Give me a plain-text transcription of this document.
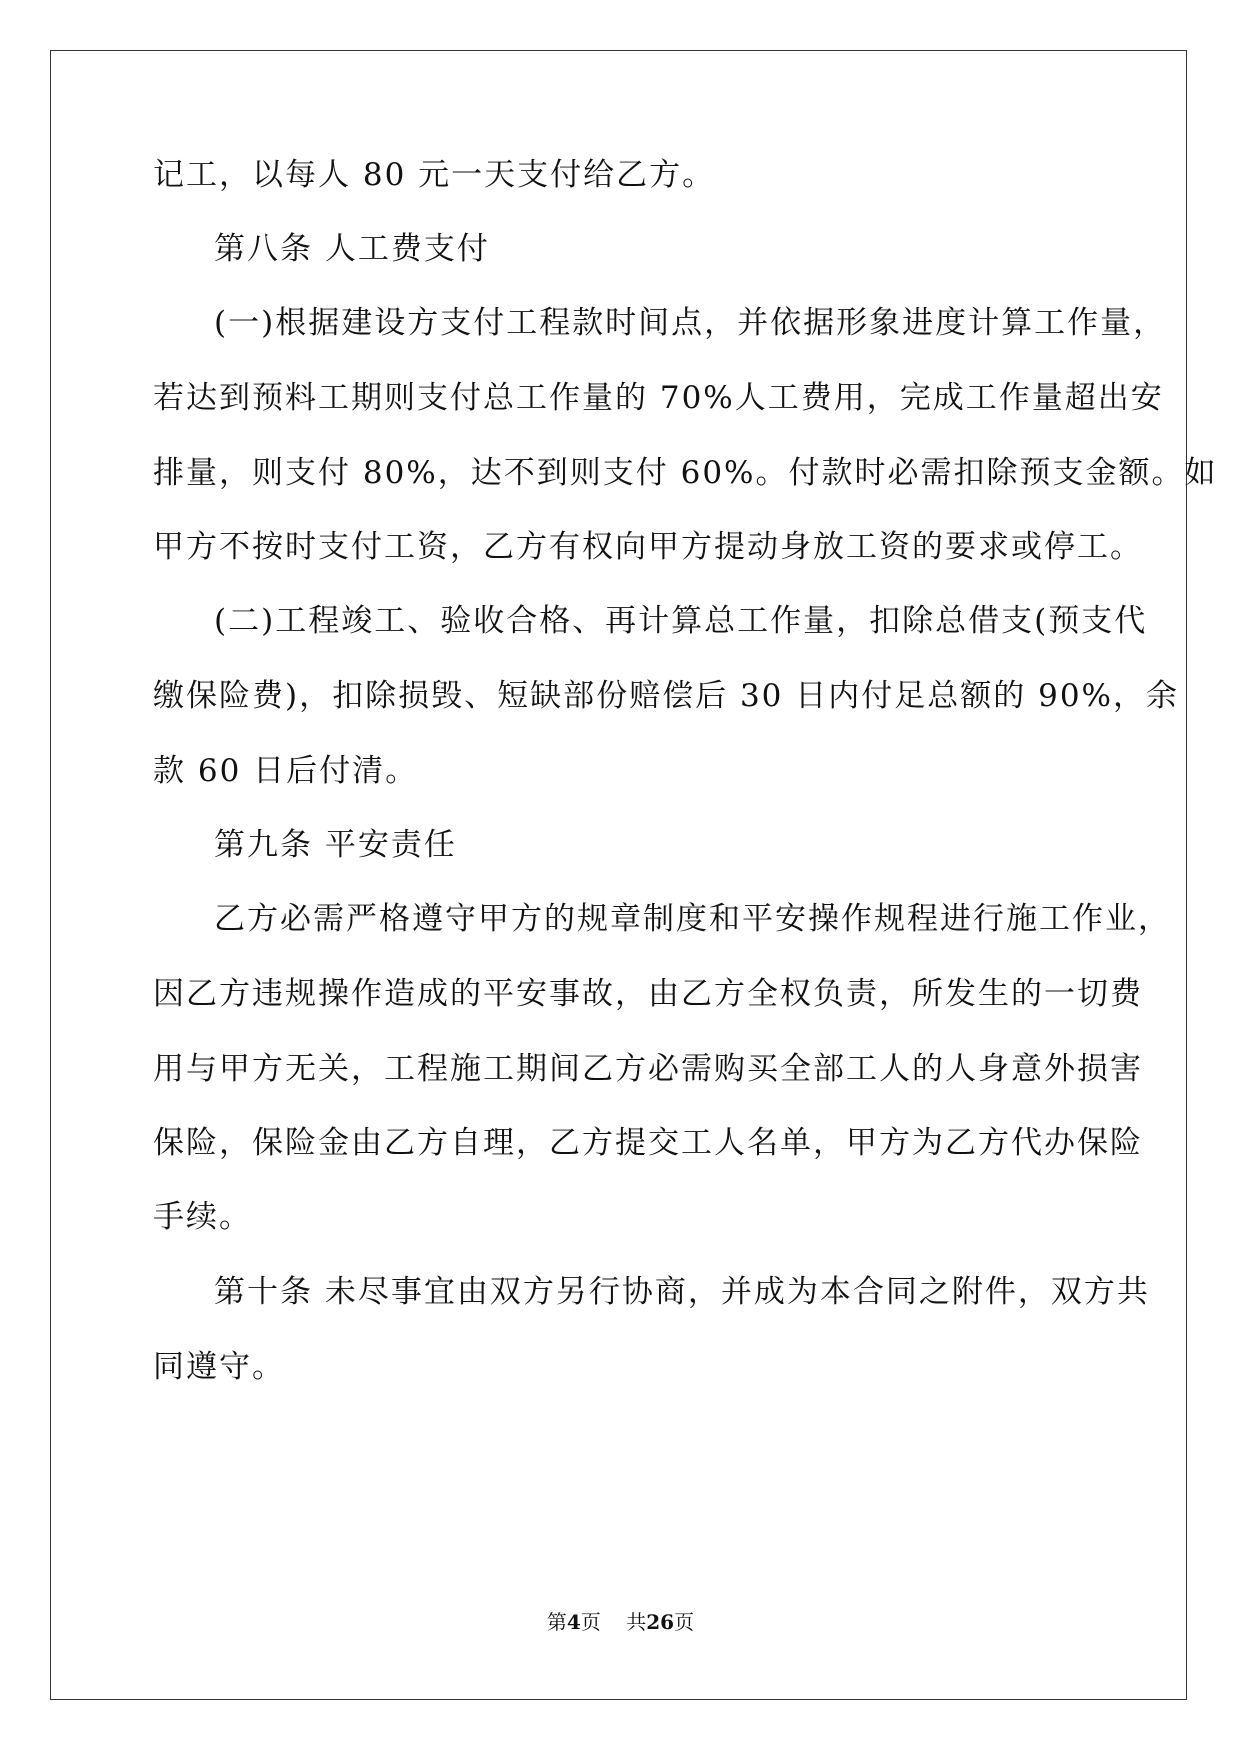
记工，以每人 80 元一天支付给乙方。
第八条 人工费支付
(一)根据建设方支付工程款时间点，并依据形象进度计算工作量，
若达到预料工期则支付总工作量的 70%人工费用，完成工作量超出安
排量，则支付 80%，达不到则支付 60%。付款时必需扣除预支金额。如
甲方不按时支付工资，乙方有权向甲方提动身放工资的要求或停工。
(二)工程竣工、验收合格、再计算总工作量，扣除总借支(预支代
缴保险费)，扣除损毁、短缺部份赔偿后 30 日内付足总额的 90%，余
款 60 日后付清。
第九条 平安责任
乙方必需严格遵守甲方的规章制度和平安操作规程进行施工作业，
因乙方违规操作造成的平安事故，由乙方全权负责，所发生的一切费
用与甲方无关，工程施工期间乙方必需购买全部工人的人身意外损害
保险，保险金由乙方自理，乙方提交工人名单，甲方为乙方代办保险
手续。
第十条 未尽事宜由双方另行协商，并成为本合同之附件，双方共
同遵守。
第4页    共26页
